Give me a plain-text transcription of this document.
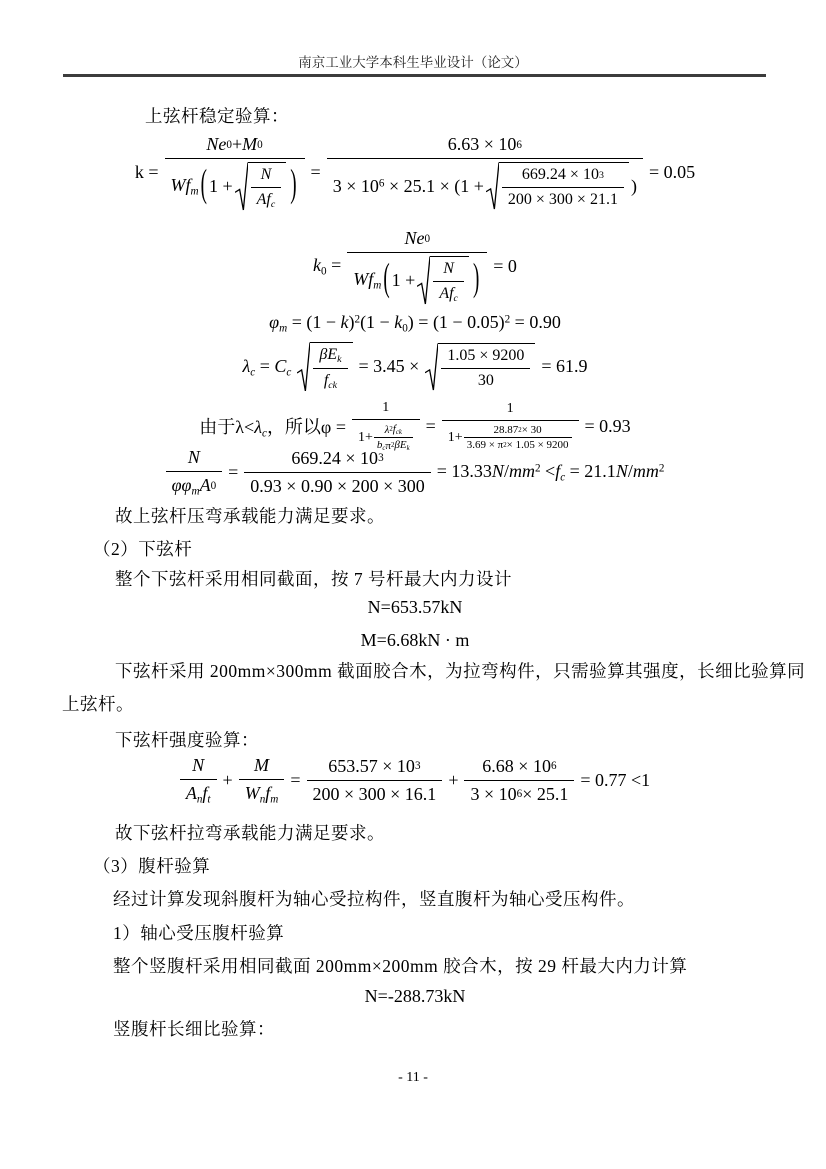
南京工业大学本科生毕业设计（论文）
上弦杆稳定验算：
k =
Ne 0 + M 0
$Wf_m$ ( $1 + \frac{N}{Af_c}$ ) =
6.63 × 10 6
$3 \times 10^6 \times 25.1 \times (1 + \frac{669.24 \times 10 3}{200 \times 300 \times 21.1}$ )
= 0.05
$k_0$ =
Ne 0
$Wf_m$ ( $1 + \frac{N}{Af_c}$ ) = 0
$\varphi_m = (1 - k)^2(1 - k_0) = (1 - 0.05)^2 = 0.90$
$\lambda_c = C_c \frac{\beta E_k}{f_{ck}} = 3.45 \times \frac{1.05 \times 9200}{30} = 61.9$
由于$\lambda<\lambda_c$，所以$\varphi = \frac{1}{1+ \frac{\lambda 2 f_{ck}}{b_c \pi 2 \beta E_k}}$ =
1
$1+ \frac{28.87 2 \times 30}{3.69 \times \pi 2 \times 1.05 \times 9200} = 0.93$
$\frac{N}{\varphi\varphi_mA 0} = \frac{669.24 \times 10 3}{0.93 \times 0.90 \times 200 \times 300} = 13.33N/mm^2 <f_c = 21.1N/mm^2$
故上弦杆压弯承载能力满足要求。
（2）下弦杆
整个下弦杆采用相同截面，按 7 号杆最大内力设计
N=653.57kN
M=6.68kN · m
下弦杆采用 200mm×300mm 截面胶合木，为拉弯构件，只需验算其强度，长细比验算同
上弦杆。
下弦杆强度验算：
$\frac{N}{A_nf_t} + \frac{M}{W_nf_m} = \frac{653.57 \times 10 3}{200 \times 300 \times 16.1} + \frac{6.68 \times 10 6}{3 \times 10 6 \times 25.1} = 0.77 <1$
故下弦杆拉弯承载能力满足要求。
（3）腹杆验算
经过计算发现斜腹杆为轴心受拉构件，竖直腹杆为轴心受压构件。
1）轴心受压腹杆验算
整个竖腹杆采用相同截面 200mm×200mm 胶合木，按 29 杆最大内力计算
N=-288.73kN
竖腹杆长细比验算：
- 11 -
